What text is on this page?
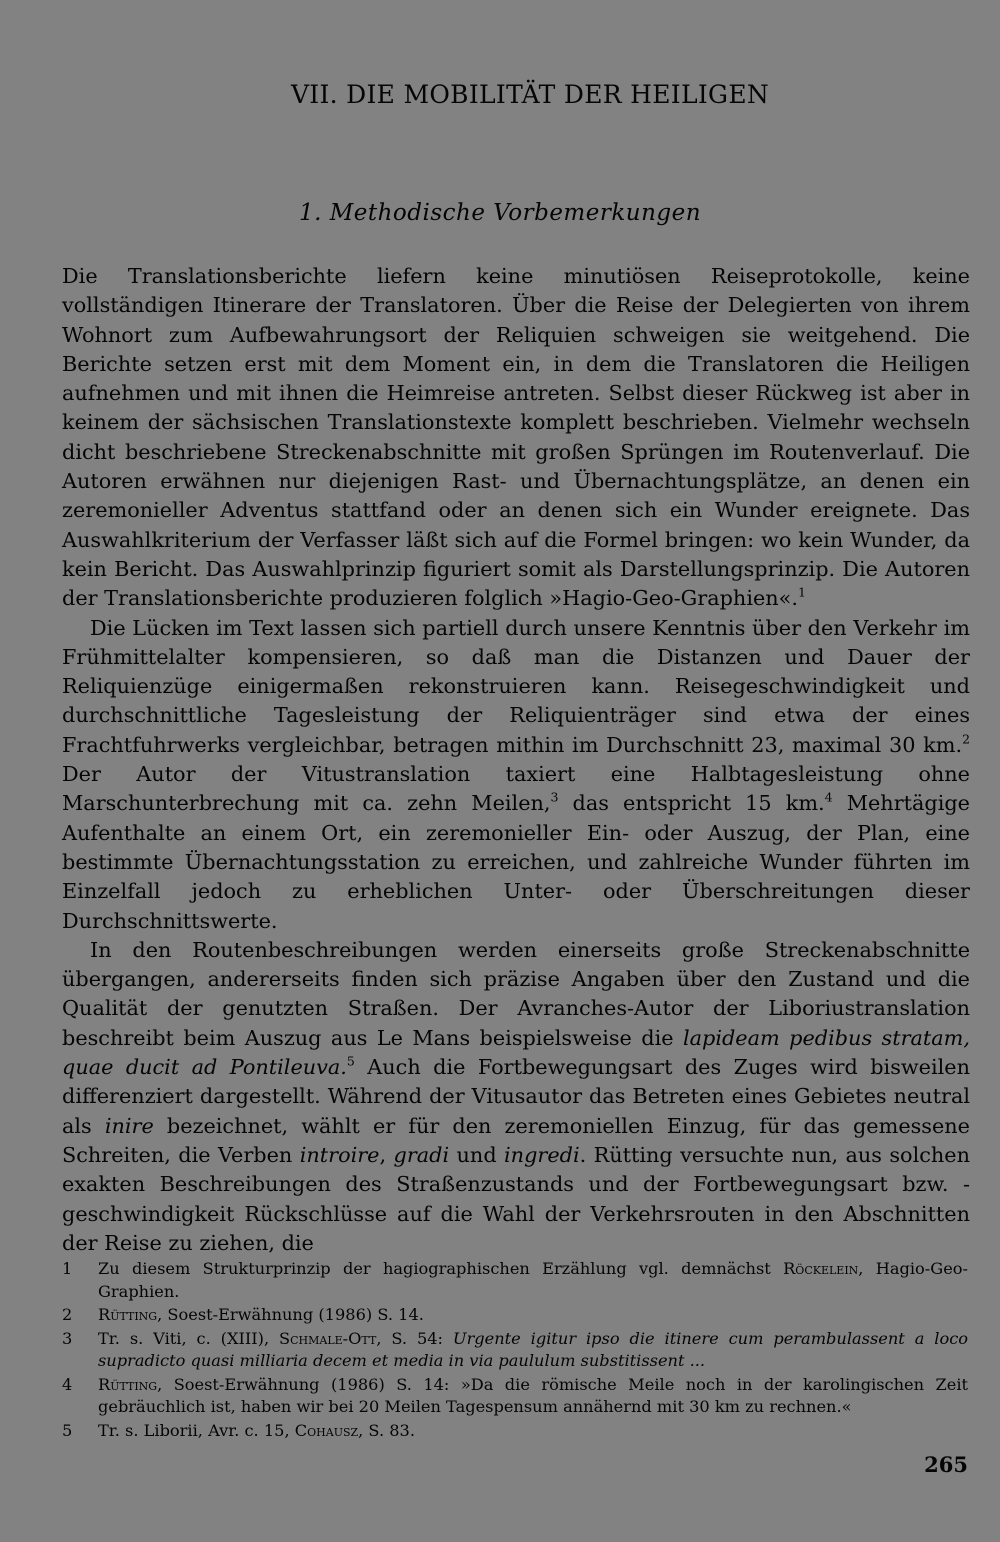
VII. DIE MOBILITÄT DER HEILIGEN
1. Methodische Vorbemerkungen

Die Translationsberichte liefern keine minutiösen Reiseprotokolle, keine vollständigen Itinerare der Translatoren. Über die Reise der Delegierten von ihrem Wohnort zum Aufbewahrungsort der Reliquien schweigen sie weitgehend. Die Berichte setzen erst mit dem Moment ein, in dem die Translatoren die Heiligen aufnehmen und mit ihnen die Heimreise antreten. Selbst dieser Rückweg ist aber in keinem der sächsischen Translationstexte komplett beschrieben. Vielmehr wechseln dicht beschriebene Streckenabschnitte mit großen Sprüngen im Routenverlauf. Die Autoren erwähnen nur diejenigen Rast- und Übernachtungsplätze, an denen ein zeremonieller Adventus stattfand oder an denen sich ein Wunder ereignete. Das Auswahlkriterium der Verfasser läßt sich auf die Formel bringen: wo kein Wunder, da kein Bericht. Das Auswahlprinzip figuriert somit als Darstellungsprinzip. Die Autoren der Translationsberichte produzieren folglich »Hagio-Geo-Graphien«.$^1$

Die Lücken im Text lassen sich partiell durch unsere Kenntnis über den Verkehr im Frühmittelalter kompensieren, so daß man die Distanzen und Dauer der Reliquienzüge einigermaßen rekonstruieren kann. Reisegeschwindigkeit und durchschnittliche Tagesleistung der Reliquienträger sind etwa der eines Frachtfuhrwerks vergleichbar, betragen mithin im Durchschnitt 23, maximal 30 km.$^2$ Der Autor der Vitustranslation taxiert eine Halbtagesleistung ohne Marschunterbrechung mit ca. zehn Meilen,$^3$ das entspricht 15 km.$^4$ Mehrtägige Aufenthalte an einem Ort, ein zeremonieller Ein- oder Auszug, der Plan, eine bestimmte Übernachtungsstation zu erreichen, und zahlreiche Wunder führten im Einzelfall jedoch zu erheblichen Unter- oder Überschreitungen dieser Durchschnittswerte.

In den Routenbeschreibungen werden einerseits große Streckenabschnitte übergangen, andererseits finden sich präzise Angaben über den Zustand und die Qualität der genutzten Straßen. Der Avranches-Autor der Liboriustranslation beschreibt beim Auszug aus Le Mans beispielsweise die lapideam pedibus stratam, quae ducit ad Pontileuva.$^5$ Auch die Fortbewegungsart des Zuges wird bisweilen differenziert dargestellt. Während der Vitusautor das Betreten eines Gebietes neutral als inire bezeichnet, wählt er für den zeremoniellen Einzug, für das gemessene Schreiten, die Verben introire, gradi und ingredi. Rütting versuchte nun, aus solchen exakten Beschreibungen des Straßenzustands und der Fortbewegungsart bzw. -geschwindigkeit Rückschlüsse auf die Wahl der Verkehrsrouten in den Abschnitten der Reise zu ziehen, die

1	Zu diesem Strukturprinzip der hagiographischen Erzählung vgl. demnächst Röckelein, Hagio-Geo-Graphien.
2	Rütting, Soest-Erwähnung (1986) S. 14.
3	Tr. s. Viti, c. (XIII), Schmale-Ott, S. 54: Urgente igitur ipso die itinere cum perambulassent a loco supradicto quasi milliaria decem et media in via paululum substitissent ...
4	Rütting, Soest-Erwähnung (1986) S. 14: »Da die römische Meile noch in der karolingischen Zeit gebräuchlich ist, haben wir bei 20 Meilen Tagespensum annähernd mit 30 km zu rechnen.«
5	Tr. s. Liborii, Avr. c. 15, Cohausz, S. 83.
265
